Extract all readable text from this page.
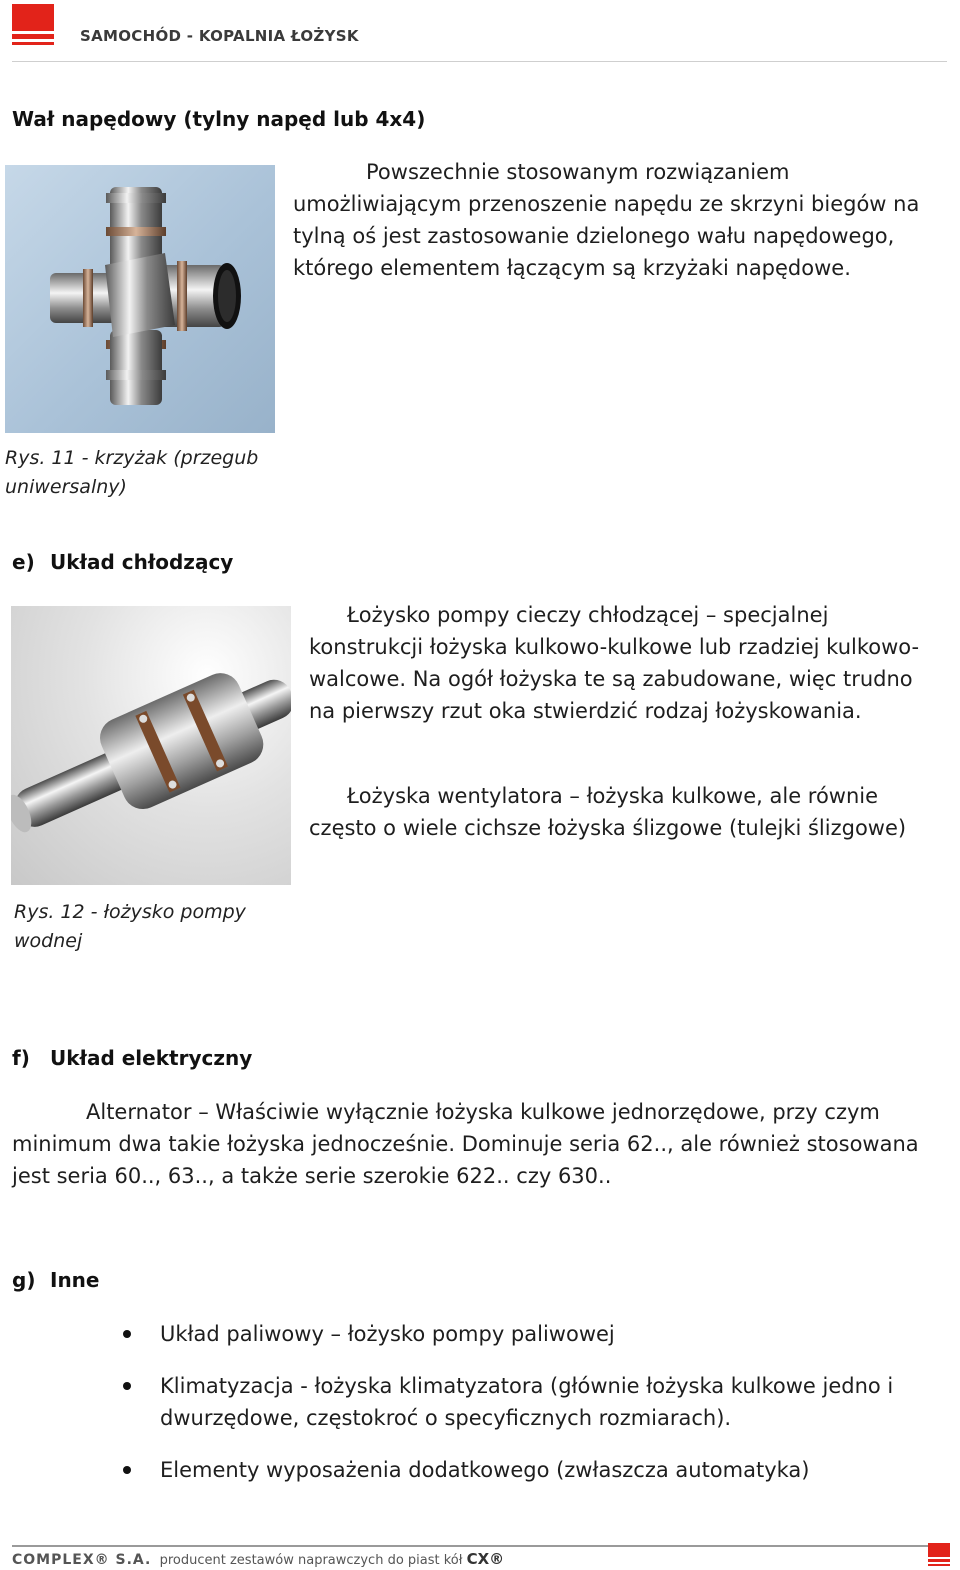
SAMOCHÓD - KOPALNIA ŁOŻYSK
Wał napędowy (tylny napęd lub 4x4)
Powszechnie stosowanym rozwiązaniem umożliwiającym przenoszenie napędu ze skrzyni biegów na tylną oś jest zastosowanie dzielonego wału napędowego, którego elementem łączącym są krzyżaki napędowe.
Rys. 11 - krzyżak (przegub uniwersalny)
e) Układ chłodzący
Łożysko pompy cieczy chłodzącej – specjalnej konstrukcji łożyska kulkowo-kulkowe lub rzadziej kulkowo-walcowe. Na ogół łożyska te są zabudowane, więc trudno na pierwszy rzut oka stwierdzić rodzaj łożyskowania.
Łożyska wentylatora – łożyska kulkowe, ale równie często o wiele cichsze łożyska ślizgowe (tulejki ślizgowe)
Rys. 12 - łożysko pompy wodnej
f) Układ elektryczny
Alternator – Właściwie wyłącznie łożyska kulkowe jednorzędowe, przy czym minimum dwa takie łożyska jednocześnie. Dominuje seria 62.., ale również stosowana jest seria 60.., 63.., a także serie szerokie 622.. czy 630..
g) Inne
Układ paliwowy – łożysko pompy paliwowej
Klimatyzacja - łożyska klimatyzatora (głównie łożyska kulkowe jedno i dwurzędowe, częstokroć o specyficznych rozmiarach).
Elementy wyposażenia dodatkowego (zwłaszcza automatyka)
COMPLEX® S.A. producent zestawów naprawczych do piast kół CX®
